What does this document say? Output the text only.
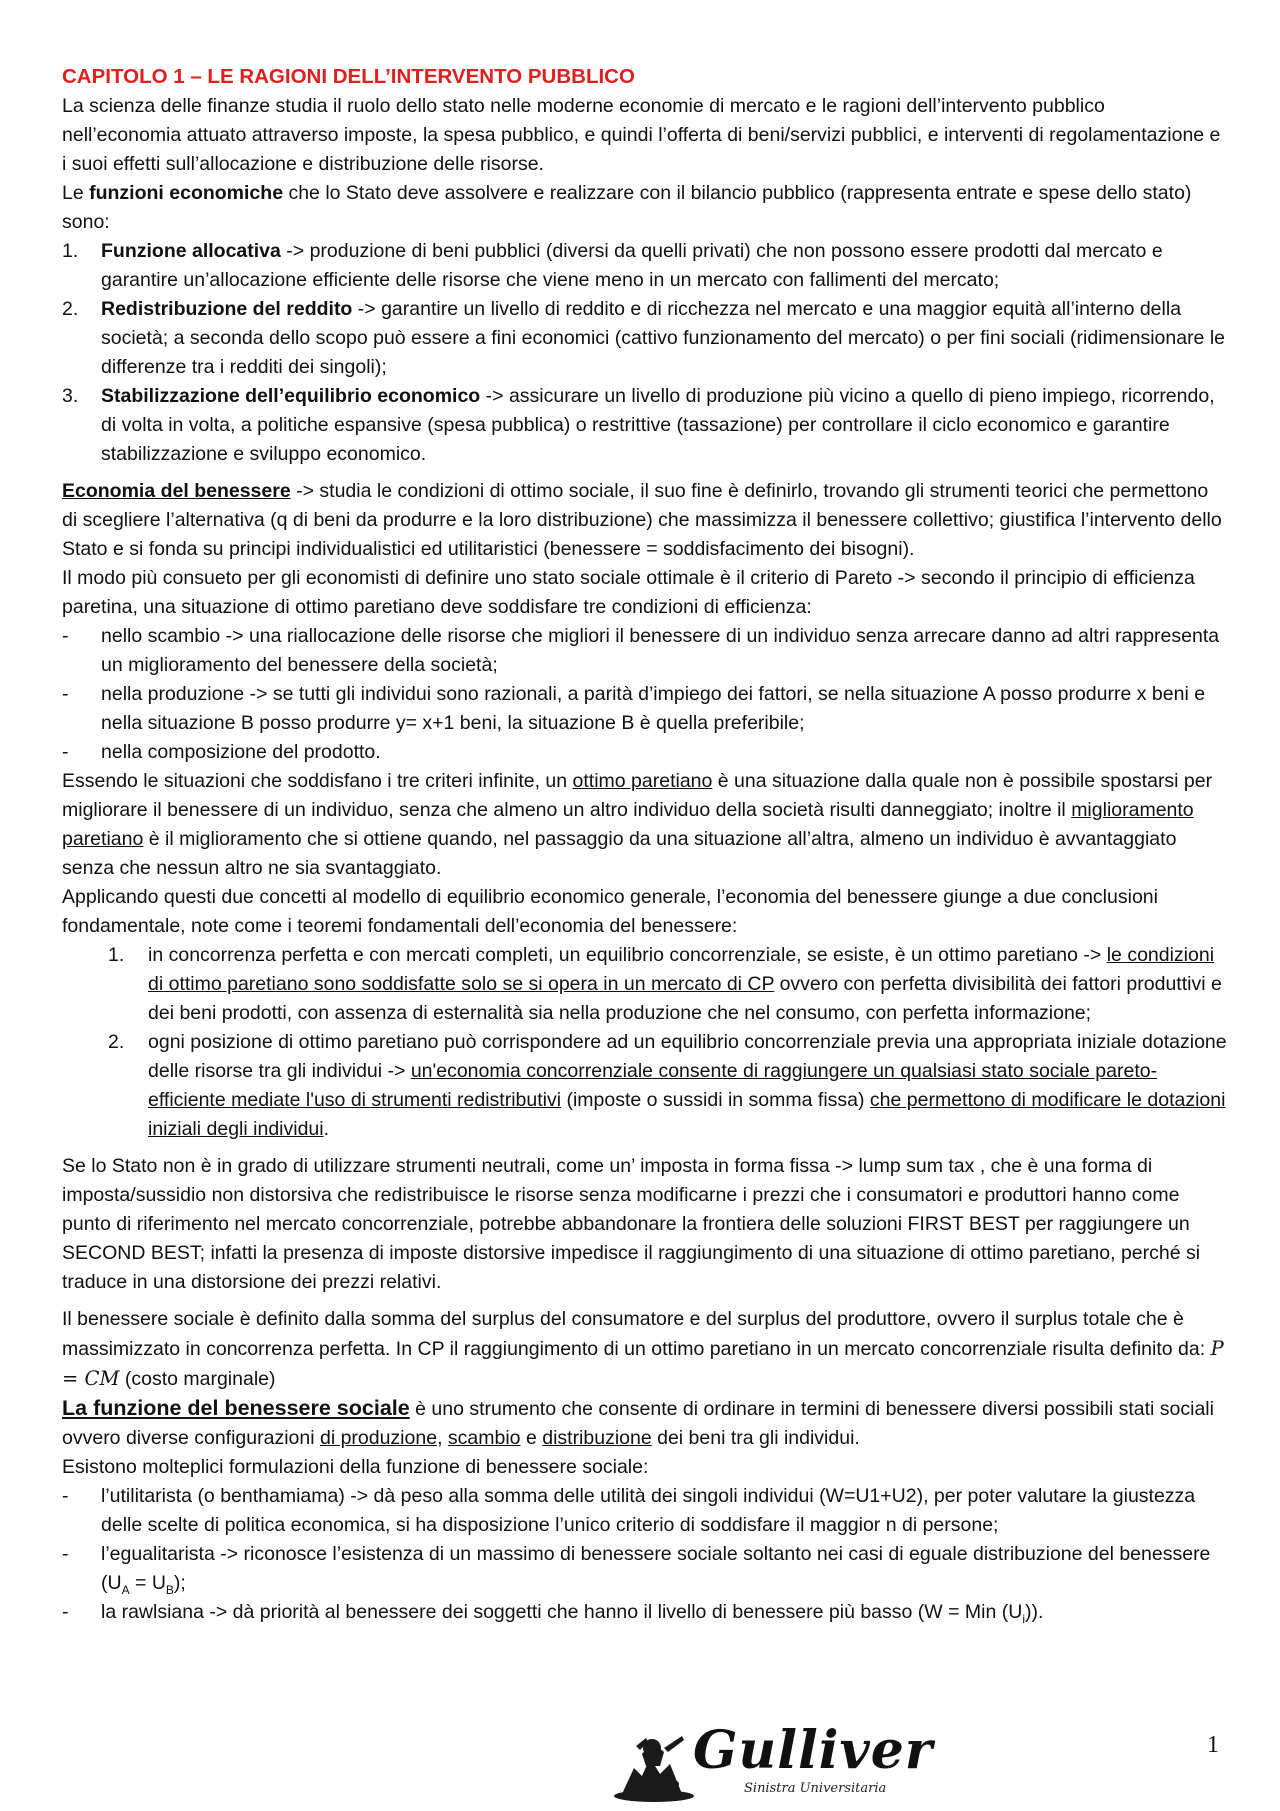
CAPITOLO 1 – LE RAGIONI DELL’INTERVENTO PUBBLICO

La scienza delle finanze studia il ruolo dello stato nelle moderne economie di mercato e le ragioni dell’intervento pubblico nell’economia attuato attraverso imposte, la spesa pubblico, e quindi l’offerta di beni/servizi pubblici, e interventi di regolamentazione e i suoi effetti sull’allocazione e distribuzione delle risorse.

Le funzioni economiche che lo Stato deve assolvere e realizzare con il bilancio pubblico (rappresenta entrate e spese dello stato) sono:

1. Funzione allocativa -> produzione di beni pubblici (diversi da quelli privati) che non possono essere prodotti dal mercato e garantire un’allocazione efficiente delle risorse che viene meno in un mercato con fallimenti del mercato;
2. Redistribuzione del reddito -> garantire un livello di reddito e di ricchezza nel mercato e una maggior equità all’interno della società; a seconda dello scopo può essere a fini economici (cattivo funzionamento del mercato) o per fini sociali (ridimensionare le differenze tra i redditi dei singoli);
3. Stabilizzazione dell’equilibrio economico -> assicurare un livello di produzione più vicino a quello di pieno impiego, ricorrendo, di volta in volta, a politiche espansive (spesa pubblica) o restrittive (tassazione) per controllare il ciclo economico e garantire stabilizzazione e sviluppo economico.

Economia del benessere -> studia le condizioni di ottimo sociale, il suo fine è definirlo, trovando gli strumenti teorici che permettono di scegliere l’alternativa (q di beni da produrre e la loro distribuzione) che massimizza il benessere collettivo; giustifica l’intervento dello Stato e si fonda su principi individualistici ed utilitaristici (benessere = soddisfacimento dei bisogni).

Il modo più consueto per gli economisti di definire uno stato sociale ottimale è il criterio di Pareto -> secondo il principio di efficienza paretina, una situazione di ottimo paretiano deve soddisfare tre condizioni di efficienza:

- nello scambio -> una riallocazione delle risorse che migliori il benessere di un individuo senza arrecare danno ad altri rappresenta un miglioramento del benessere della società;
- nella produzione -> se tutti gli individui sono razionali, a parità d’impiego dei fattori, se nella situazione A posso produrre x beni e nella situazione B posso produrre y= x+1 beni, la situazione B è quella preferibile;
- nella composizione del prodotto.

Essendo le situazioni che soddisfano i tre criteri infinite, un ottimo paretiano è una situazione dalla quale non è possibile spostarsi per migliorare il benessere di un individuo, senza che almeno un altro individuo della società risulti danneggiato; inoltre il miglioramento paretiano è il miglioramento che si ottiene quando, nel passaggio da una situazione all’altra, almeno un individuo è avvantaggiato senza che nessun altro ne sia svantaggiato.

Applicando questi due concetti al modello di equilibrio economico generale, l’economia del benessere giunge a due conclusioni fondamentale, note come i teoremi fondamentali dell’economia del benessere:

1. in concorrenza perfetta e con mercati completi, un equilibrio concorrenziale, se esiste, è un ottimo paretiano -> le condizioni di ottimo paretiano sono soddisfatte solo se si opera in un mercato di CP ovvero con perfetta divisibilità dei fattori produttivi e dei beni prodotti, con assenza di esternalità sia nella produzione che nel consumo, con perfetta informazione;
2. ogni posizione di ottimo paretiano può corrispondere ad un equilibrio concorrenziale previa una appropriata iniziale dotazione delle risorse tra gli individui -> un'economia concorrenziale consente di raggiungere un qualsiasi stato sociale pareto-efficiente mediate l'uso di strumenti redistributivi (imposte o sussidi in somma fissa) che permettono di modificare le dotazioni iniziali degli individui.

Se lo Stato non è in grado di utilizzare strumenti neutrali, come un’ imposta in forma fissa -> lump sum tax , che è una forma di imposta/sussidio non distorsiva che redistribuisce le risorse senza modificarne i prezzi che i consumatori e produttori hanno come punto di riferimento nel mercato concorrenziale, potrebbe abbandonare la frontiera delle soluzioni FIRST BEST per raggiungere un SECOND BEST; infatti la presenza di imposte distorsive impedisce il raggiungimento di una situazione di ottimo paretiano, perché si traduce in una distorsione dei prezzi relativi.

Il benessere sociale è definito dalla somma del surplus del consumatore e del surplus del produttore, ovvero il surplus totale che è massimizzato in concorrenza perfetta. In CP il raggiungimento di un ottimo paretiano in un mercato concorrenziale risulta definito da: P = CM (costo marginale)

La funzione del benessere sociale è uno strumento che consente di ordinare in termini di benessere diversi possibili stati sociali ovvero diverse configurazioni di produzione, scambio e distribuzione dei beni tra gli individui.

Esistono molteplici formulazioni della funzione di benessere sociale:

- l’utilitarista (o benthamiama) -> dà peso alla somma delle utilità dei singoli individui (W=U1+U2), per poter valutare la giustezza delle scelte di politica economica, si ha disposizione l’unico criterio di soddisfare il maggior n di persone;
- l’egualitarista -> riconosce l’esistenza di un massimo di benessere sociale soltanto nei casi di eguale distribuzione del benessere $(U_A = U_B)$;
- la rawlsiana -> dà priorità al benessere dei soggetti che hanno il livello di benessere più basso (W = Min $(U_i)$).
Gulliver
Sinistra Universitaria
1
